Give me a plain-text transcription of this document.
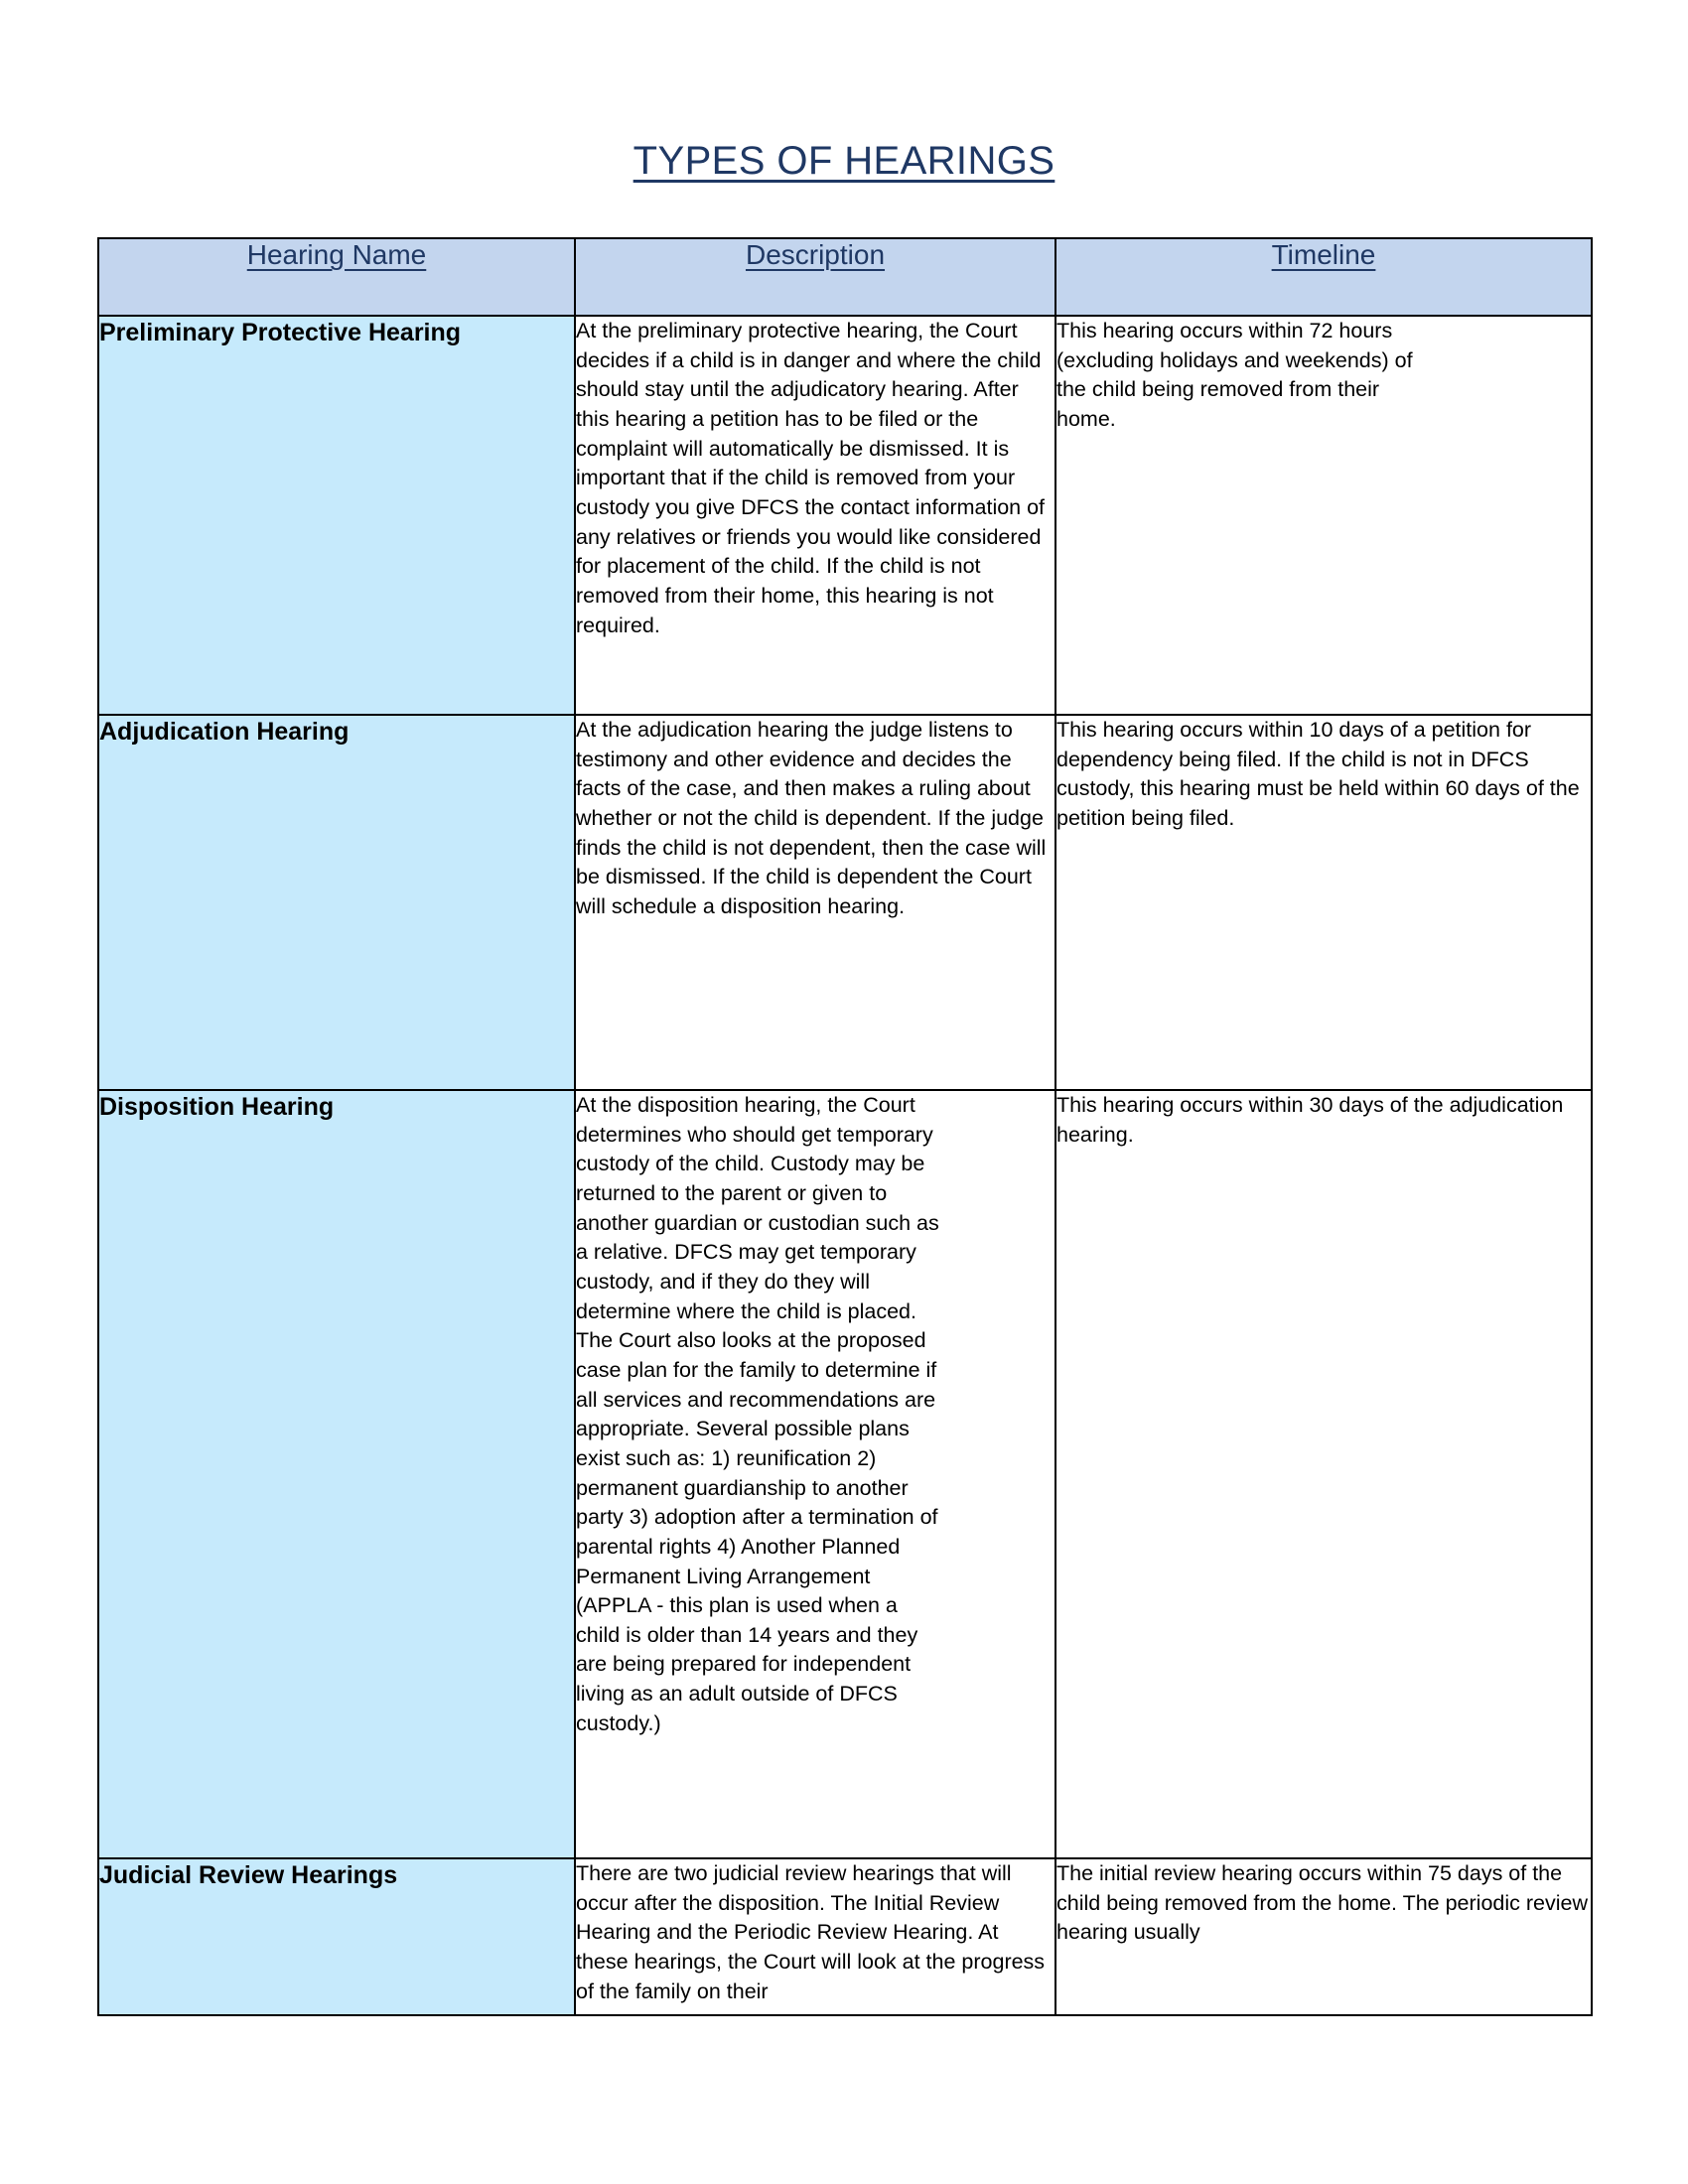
TYPES OF HEARINGS
Hearing Name	Description	Timeline

Preliminary Protective Hearing	At the preliminary protective hearing, the Court decides if a child is in danger and where the child should stay until the adjudicatory hearing. After this hearing a petition has to be filed or the complaint will automatically be dismissed. It is important that if the child is removed from your custody you give DFCS the contact information of any relatives or friends you would like considered for placement of the child. If the child is not removed from their home, this hearing is not required.	This hearing occurs within 72 hours (excluding holidays and weekends) of the child being removed from their home.

Adjudication Hearing	At the adjudication hearing the judge listens to testimony and other evidence and decides the facts of the case, and then makes a ruling about whether or not the child is dependent. If the judge finds the child is not dependent, then the case will be dismissed. If the child is dependent the Court will schedule a disposition hearing.	This hearing occurs within 10 days of a petition for dependency being filed. If the child is not in DFCS custody, this hearing must be held within 60 days of the petition being filed.

Disposition Hearing	At the disposition hearing, the Court determines who should get temporary custody of the child. Custody may be returned to the parent or given to another guardian or custodian such as a relative. DFCS may get temporary custody, and if they do they will determine where the child is placed. The Court also looks at the proposed case plan for the family to determine if all services and recommendations are appropriate. Several possible plans exist such as: 1) reunification 2) permanent guardianship to another party 3) adoption after a termination of parental rights 4) Another Planned Permanent Living Arrangement (APPLA - this plan is used when a child is older than 14 years and they are being prepared for independent living as an adult outside of DFCS custody.)	This hearing occurs within 30 days of the adjudication hearing.

Judicial Review Hearings	There are two judicial review hearings that will occur after the disposition. The Initial Review Hearing and the Periodic Review Hearing. At these hearings, the Court will look at the progress of the family on their	The initial review hearing occurs within 75 days of the child being removed from the home. The periodic review hearing usually
